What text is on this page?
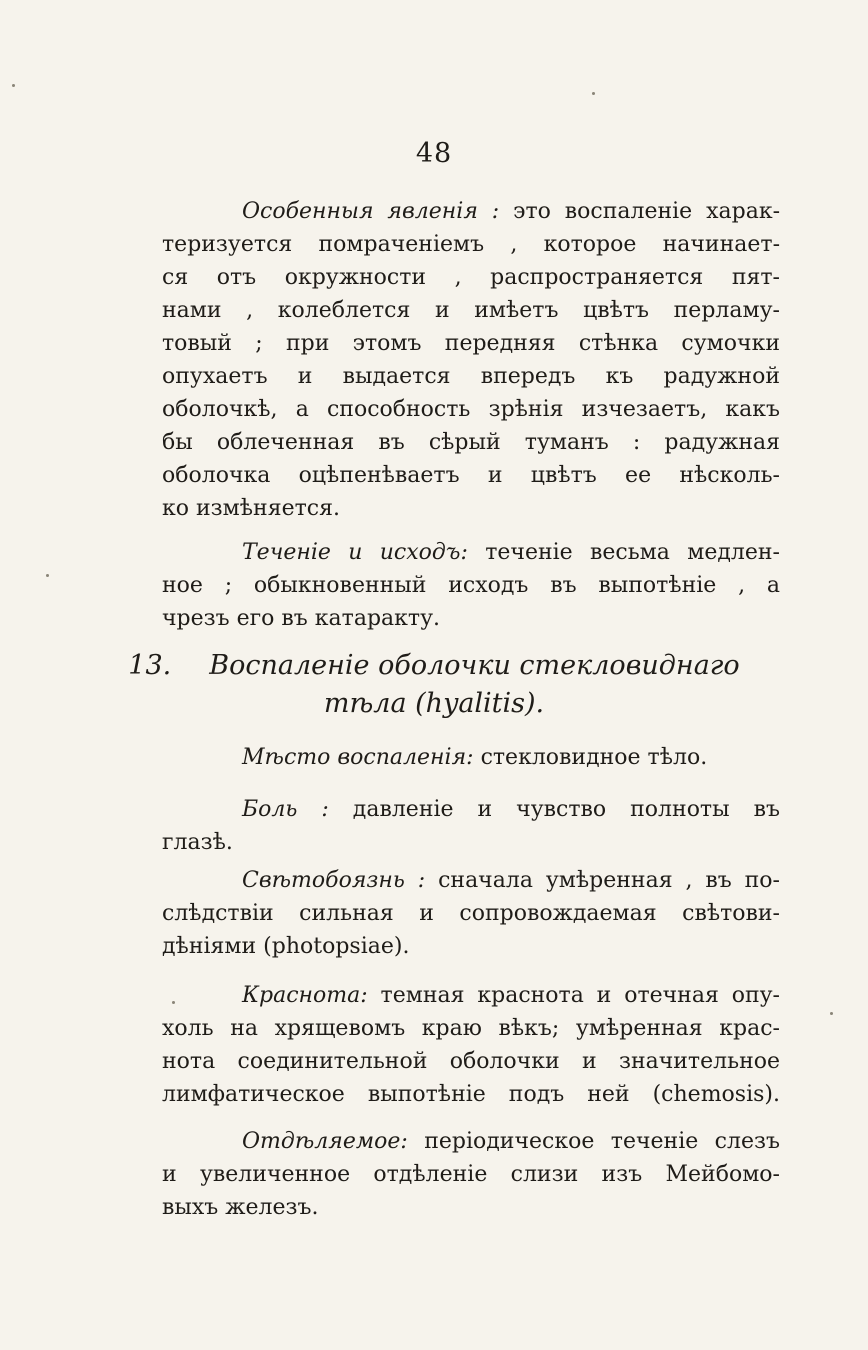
48
Особенныя явленія : это воспаленіе харак-
теризуется помраченіемъ , которое начинает-
ся отъ окружности , распространяется пят-
нами , колеблется и имѣетъ цвѣтъ перламу-
товый ; при этомъ передняя стѣнка сумочки
опухаетъ и выдается впередъ къ радужной
оболочкѣ, а способность зрѣнія изчезаетъ, какъ
бы облеченная въ сѣрый туманъ : радужная
оболочка оцѣпенѣваетъ и цвѣтъ ее нѣсколь-
ко измѣняется.
Теченіе и исходъ: теченіе весьма медлен-
ное ; обыкновенный исходъ въ выпотѣніе , а
чрезъ его въ катаракту.
13. Воспаленіе оболочки стекловиднаго
тѣла (hyalitis).
Мѣсто воспаленія: стекловидное тѣло.
Боль : давленіе и чувство полноты въ
глазѣ.
Свѣтобоязнь : сначала умѣренная , въ по-
слѣдствіи сильная и сопровождаемая свѣтови-
дѣніями (photopsiae).
Краснота: темная краснота и отечная опу-
холь на хрящевомъ краю вѣкъ; умѣренная крас-
нота соединительной оболочки и значительное
лимфатическое выпотѣніе подъ ней (chemosis).
Отдѣляемое: періодическое теченіе слезъ
и увеличенное отдѣленіе слизи изъ Мейбомо-
выхъ железъ.
